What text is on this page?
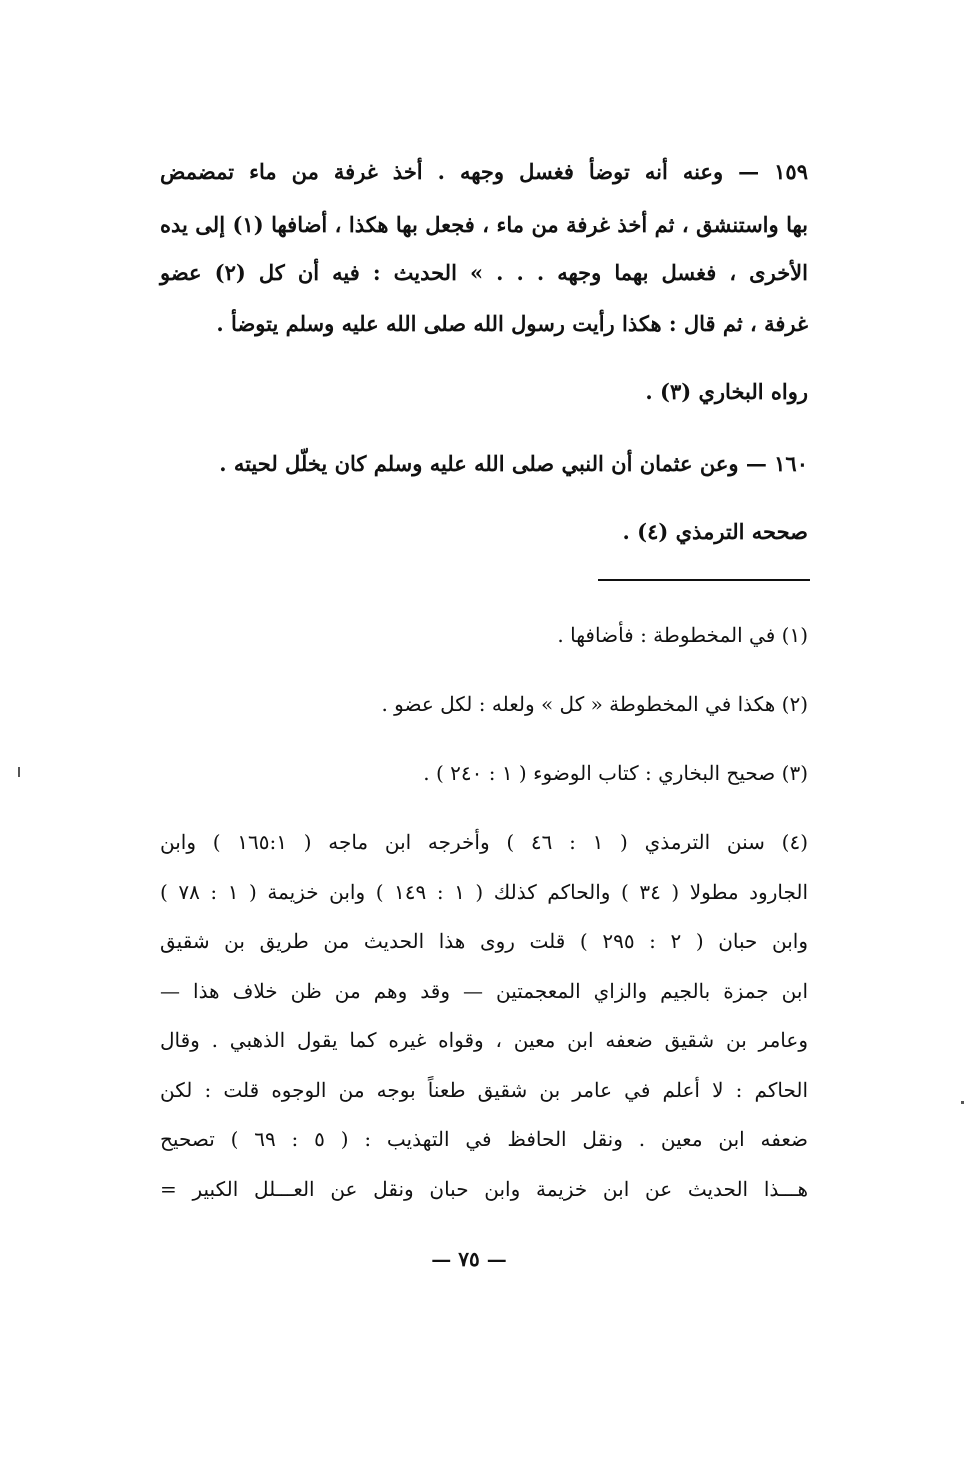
١٥٩ — وعنه أنه توضأ فغسل وجهه . أخذ غرفة من ماء تمضمض
بها واستنشق ، ثم أخذ غرفة من ماء ، فجعل بها هكذا ، أضافها (١) إلى يده
الأخرى ، فغسل بهما وجهه . . . » الحديث : فيه أن كل (٢) عضو
غرفة ، ثم قال : هكذا رأيت رسول الله صلى الله عليه وسلم يتوضأ .
رواه البخاري (٣) .
١٦٠ — وعن عثمان أن النبي صلى الله عليه وسلم كان يخلّل لحيته .
صححه الترمذي (٤) .
(١) في المخطوطة : فأضافها .
(٢) هكذا في المخطوطة « كل » ولعله : لكل عضو .
(٣) صحيح البخاري : كتاب الوضوء ( ١ : ٢٤٠ ) .
(٤) سنن الترمذي ( ١ : ٤٦ ) وأخرجه ابن ماجه ( ١٦٥:١ ) وابن
الجارود مطولا ( ٣٤ ) والحاكم كذلك ( ١ : ١٤٩ ) وابن خزيمة ( ١ : ٧٨ )
وابن حبان ( ٢ : ٢٩٥ ) قلت روى هذا الحديث من طريق بن شقيق
ابن جمزة بالجيم والزاي المعجمتين — وقد وهم من ظن خلاف هذا —
وعامر بن شقيق ضعفه ابن معين ، وقواه غيره كما يقول الذهبي . وقال
الحاكم : لا أعلم في عامر بن شقيق طعناً بوجه من الوجوه قلت : لكن
ضعفه ابن معين . ونقل الحافظ في التهذيب : ( ٥ : ٦٩ ) تصحيح
هـــذا الحديث عن ابن خزيمة وابن حبان ونقل عن العـــلل الكبير =
— ٧٥ —
